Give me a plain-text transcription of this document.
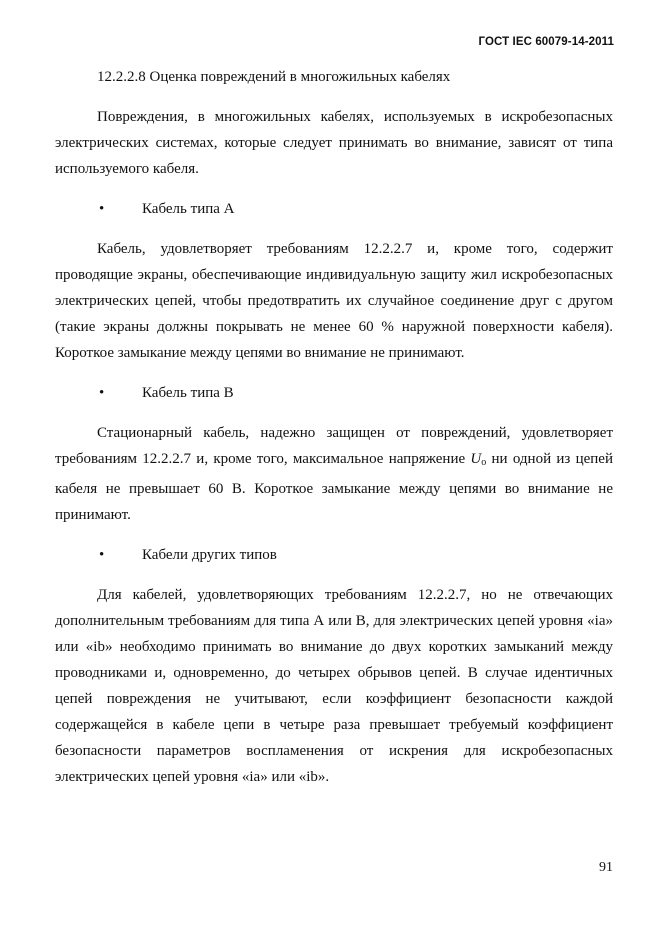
ГОСТ IEC 60079-14-2011

12.2.2.8 Оценка повреждений в многожильных кабелях

Повреждения, в многожильных кабелях, используемых в искробезопасных электрических системах, которые следует принимать во внимание, зависят от типа используемого кабеля.

•	Кабель типа А

Кабель, удовлетворяет требованиям 12.2.2.7 и, кроме того, содержит проводящие экраны, обеспечивающие индивидуальную защиту жил искробезопасных электрических цепей, чтобы предотвратить их случайное соединение друг с другом (такие экраны должны покрывать не менее 60 % наружной поверхности кабеля). Короткое замыкание между цепями во внимание не принимают.

•	Кабель типа В

Стационарный кабель, надежно защищен от повреждений, удовлетворяет требованиям 12.2.2.7 и, кроме того, максимальное напряжение $U_o$ ни одной из цепей кабеля не превышает 60 В. Короткое замыкание между цепями во внимание не принимают.

•	Кабели других типов

Для кабелей, удовлетворяющих требованиям 12.2.2.7, но не отвечающих дополнительным требованиям для типа А или В, для электрических цепей уровня «ia» или «ib» необходимо принимать во внимание до двух коротких замыканий между проводниками и, одновременно, до четырех обрывов цепей. В случае идентичных цепей повреждения не учитывают, если коэффициент безопасности каждой содержащейся в кабеле цепи в четыре раза превышает требуемый коэффициент безопасности параметров воспламенения от искрения для искробезопасных электрических цепей уровня «ia» или «ib».

91
